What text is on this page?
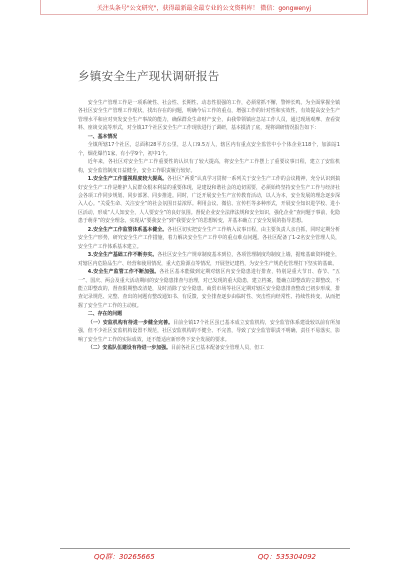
关注头条号"公文研究"，获得最新最全最专业的公文资料库！ 微信：gongwenyj
乡镇安全生产现状调研报告

安全生产管理工作是一项系统性、社会性、长期性、动态性很强的工作，必须常抓不懈，警钟长鸣。为全面掌握全镇各社区安全生产管理工作现状，找出存在的问题，明确今后工作的重点，增强工作的针对性和实效性，有效提高安全生产管理水平和应对突发安全生产事故的能力，确保群众生命财产安全，由我带领镇应急站工作人员，通过现场观摩、查看资料、座谈交流等形式，对全镇17个社区安全生产工作现状进行了调研，基本摸清了底，现将调研情况报告如下：

一、基本情况

全镇所辖17个社区，总面积28平方公里，总人口9.5万人，辖区内有重点安全监管中小个体企业118个，加油站1个，烟花爆竹1家，有小学9个，初中1个。

近年来，各社区对安全生产工作重要性的认识有了较大提高，将安全生产工作摆上了重要议事日程，建立了安监机构，安全监管制度日益健全，安全工作职责履行较好。

1.安全生产工作重视程度较大提高。各社区“两委”认真学习贯彻一系列关于安全生产工作的会议精神，充分认识到搞好安全生产工作是维护人民群众根本利益的重要体现，是建设和谐社会的迫切需要，必须始终坚持安全生产工作与经济社会各项工作同步规划、同步部署、同步推进。同时，广泛开展安全生产宣传教育活动，以人为本，安全发展的理念逐步深入人心。“关爱生命、关注安全”的社会氛围日益浓厚。利用会议、微信、宣传栏等多种形式，开展安全知识进学校、进小区活动，形成“人人知安全，人人要安全”的良好氛围。督促企业安全法律法规和安全知识，强化企业“查问题于事前，化隐患于萌芽”的安全理念，实现从“要我安全”到“我要安全”的思想转变，并基本确立了安全发展的指导思想。

2.安全生产工作监管体系基本健全。各社区切实把安全生产工作纳入议事日程，由主要负责人亲自抓，同时定期分析安全生产形势，研究安全生产工作措施，着力解决安全生产工作中的重点难点问题。各社区配备了1-2名安全管理人员，安全生产工作体系基本建立。

3.安全生产基础工作不断夯实。各社区安全生产规章制度基本到位，各项管理制度均制度上墙，据账基础资料健全，对辖区内危险品生产、经营和使用情况，重大危险源点等情况，开展登记建档，为安全生产规范化管理打下坚实的基础。

4.安全生产监管工作不断加强。各社区基本能做到定期对辖区内安全隐患进行排查，特别是重大节日、春节、“五一”、国庆、两会及重大活动期间的安全隐患排查与治理，对已发现的重大隐患，建立档案，能确立即整改的立即整改，不能立即整改的，督查限期整改清楚，及时消除了安全隐患。商贸市场等社区定期对辖区安全隐患排查整改已初步形成，排查记录规范、完整、查出的问题有整改通知书、有反馈，安全排查逐步由临时性、突击性向经常性、持续性转变，从而把握了安全生产工作的主动权。

二、存在的问题

（一）安监机构有待进一步健全完善。目前全镇17个社区虽已基本成立安监机构，安全监管体系建设较以前有所加强，但不少社区安监机构设置不规范，社区安监机构的不健全、不完善，导致了安全监管职责不明确，责任不易落实，影响了安全生产工作的实际成效，还不能适应新形势下安全发展的要求。

（二）安监队伍建设有待进一步加强。目前各社区已基本配备安全管理人员，但工

QQ群：30265665	QQ：535304092
